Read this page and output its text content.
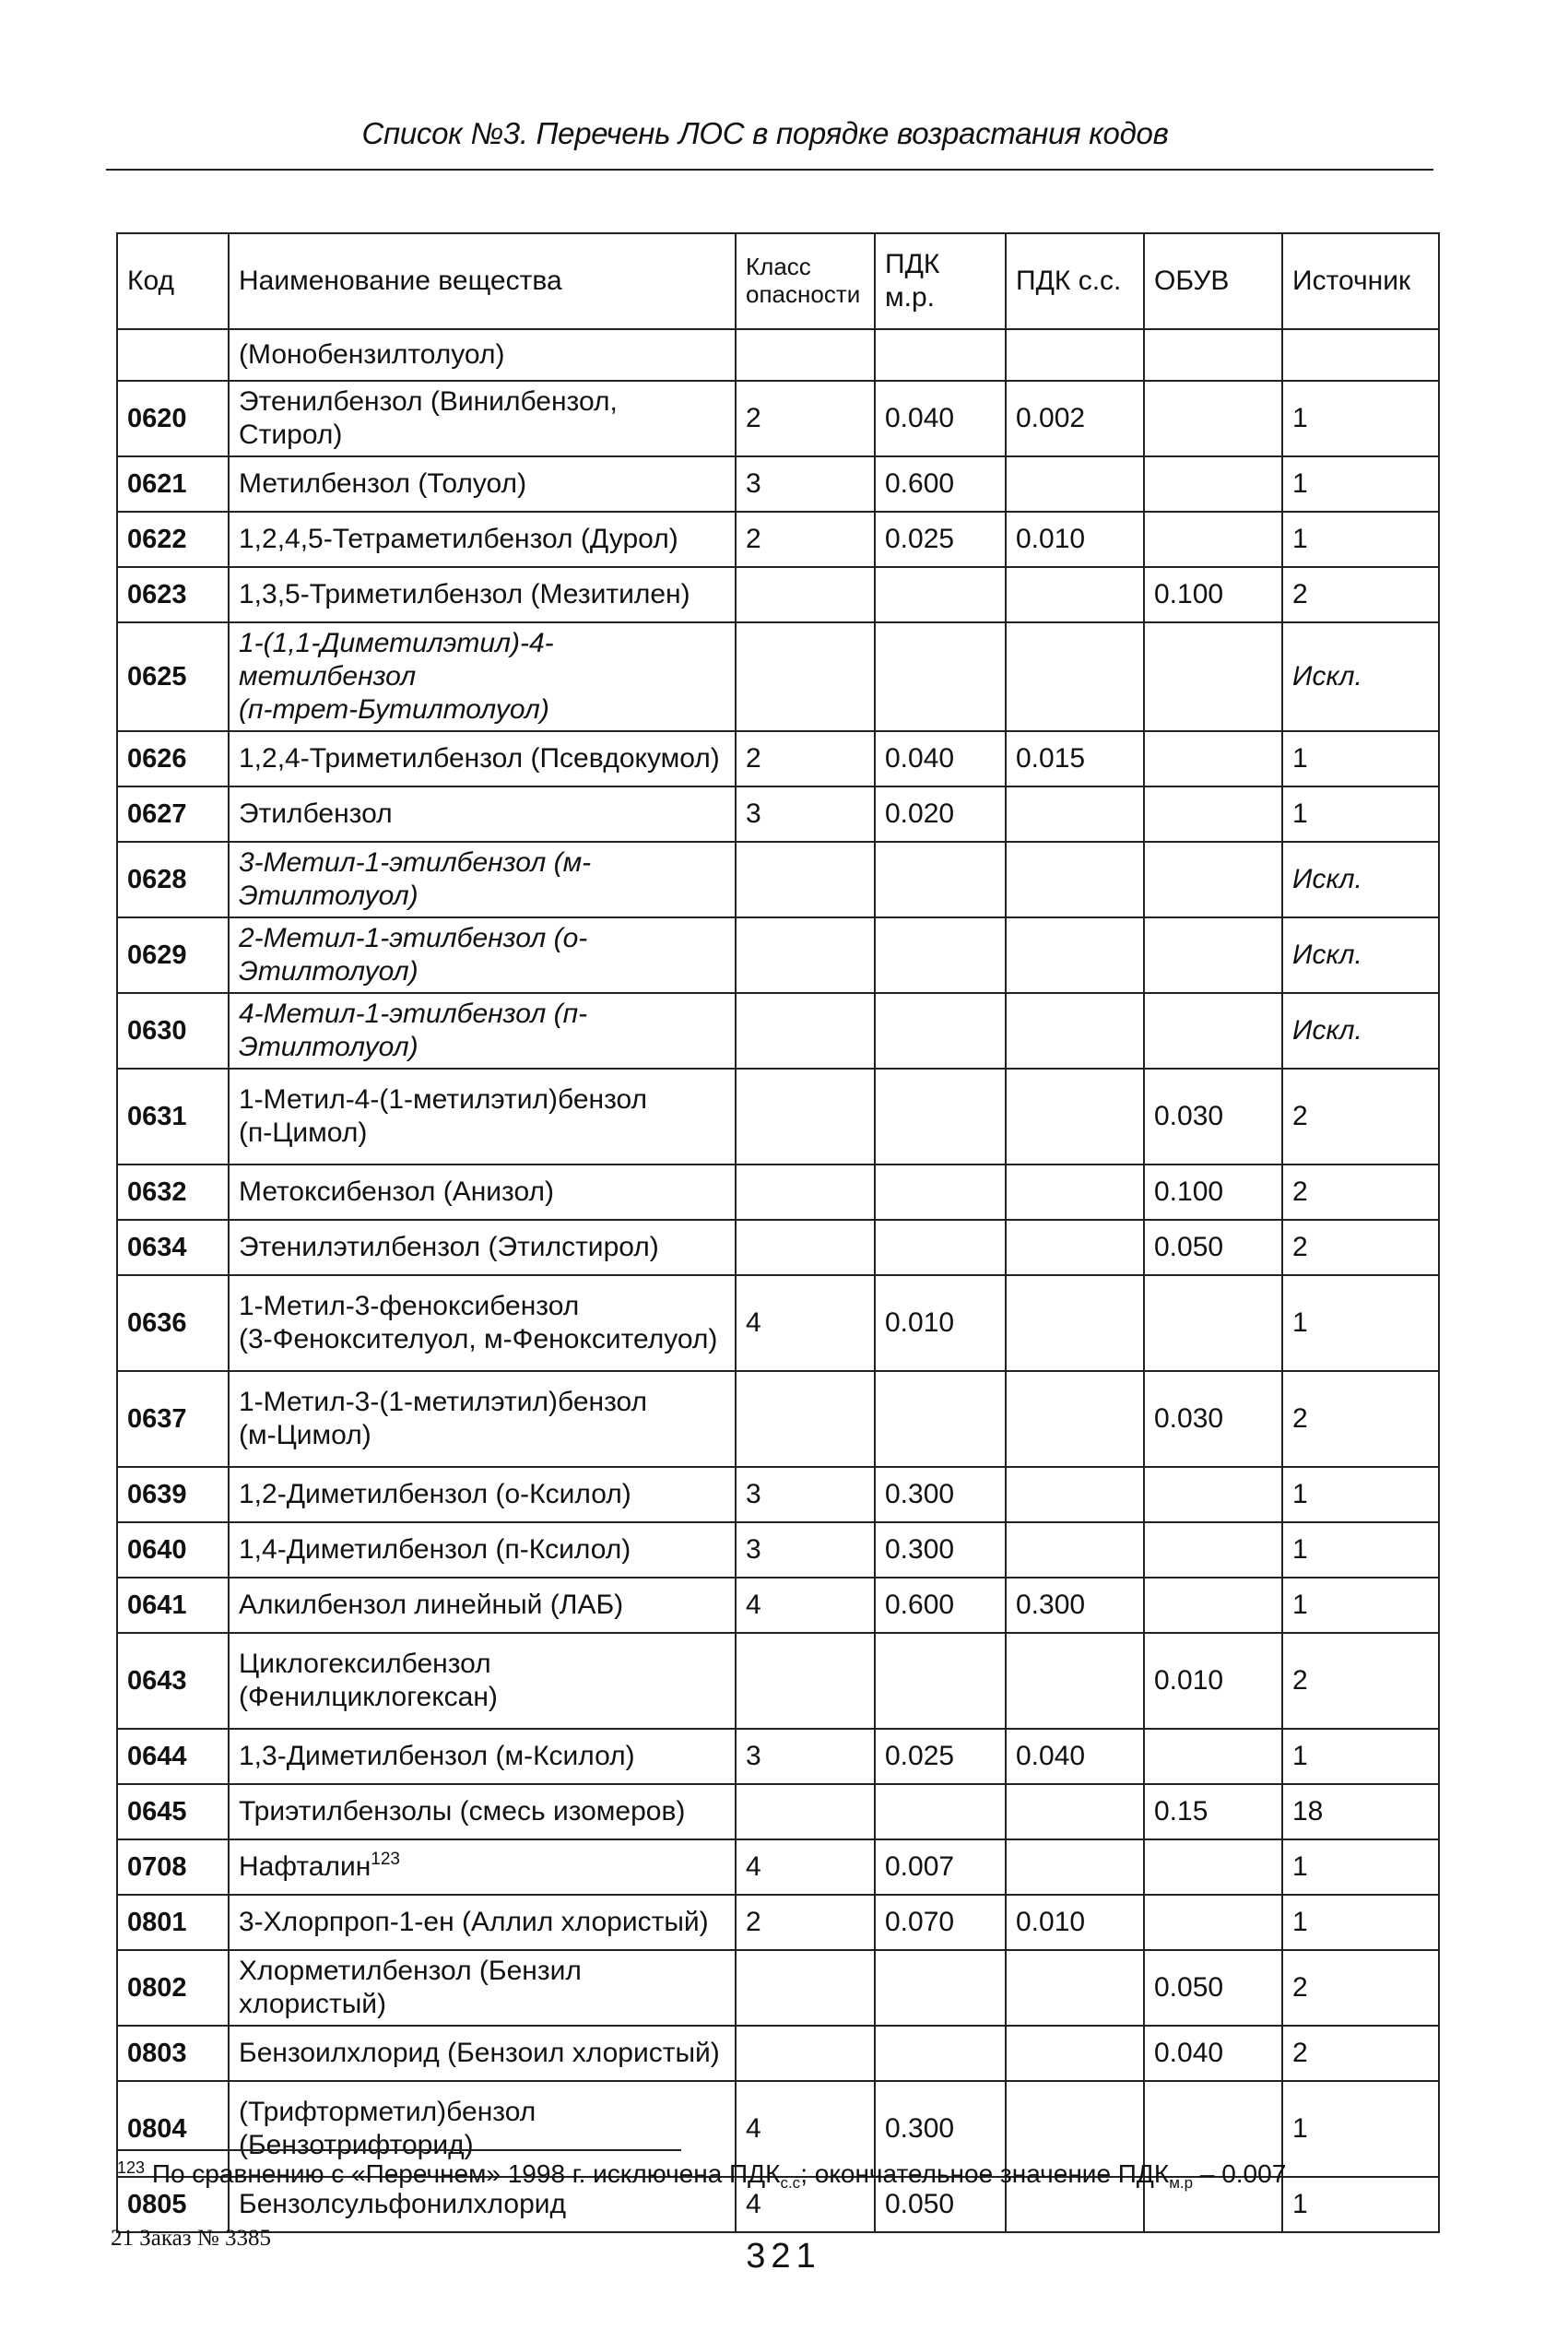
Список №3. Перечень ЛОС в порядке возрастания кодов
Код	Наименование вещества	Класс опасности	ПДК м.р.	ПДК с.с.	ОБУВ	Источник
	(Монобензилтолуол)					
0620	Этенилбензол (Винилбензол, Стирол)	2	0.040	0.002		1
0621	Метилбензол (Толуол)	3	0.600			1
0622	1,2,4,5-Тетраметилбензол (Дурол)	2	0.025	0.010		1
0623	1,3,5-Триметилбензол (Мезитилен)				0.100	2
0625	1-(1,1-Диметилэтил)-4-метилбензол
(п-трет-Бутилтолуол)					Искл.
0626	1,2,4-Триметилбензол (Псевдокумол)	2	0.040	0.015		1
0627	Этилбензол	3	0.020			1
0628	3-Метил-1-этилбензол (м-Этилтолуол)					Искл.
0629	2-Метил-1-этилбензол (о-Этилтолуол)					Искл.
0630	4-Метил-1-этилбензол (п-Этилтолуол)					Искл.
0631	1-Метил-4-(1-метилэтил)бензол
(п-Цимол)				0.030	2
0632	Метоксибензол (Анизол)				0.100	2
0634	Этенилэтилбензол (Этилстирол)				0.050	2
0636	1-Метил-3-феноксибензол
(3-Феноксителуол, м-Феноксителуол)	4	0.010			1
0637	1-Метил-3-(1-метилэтил)бензол
(м-Цимол)				0.030	2
0639	1,2-Диметилбензол (о-Ксилол)	3	0.300			1
0640	1,4-Диметилбензол (п-Ксилол)	3	0.300			1
0641	Алкилбензол линейный (ЛАБ)	4	0.600	0.300		1
0643	Циклогексилбензол
(Фенилциклогексан)				0.010	2
0644	1,3-Диметилбензол (м-Ксилол)	3	0.025	0.040		1
0645	Триэтилбензолы (смесь изомеров)				0.15	18
0708	Нафталин$^{123}$	4	0.007			1
0801	3-Хлорпроп-1-ен (Аллил хлористый)	2	0.070	0.010		1
0802	Хлорметилбензол (Бензил хлористый)				0.050	2
0803	Бензоилхлорид (Бензоил хлористый)				0.040	2
0804	(Трифторметил)бензол
(Бензотрифторид)	4	0.300			1
0805	Бензолсульфонилхлорид	4	0.050			1
$^{123}$ По сравнению с «Перечнем» 1998 г. исключена $ПДК_{с.с}$; окончательное значение $ПДК_{м.р} - 0.007$
21 Заказ № 3385	321
